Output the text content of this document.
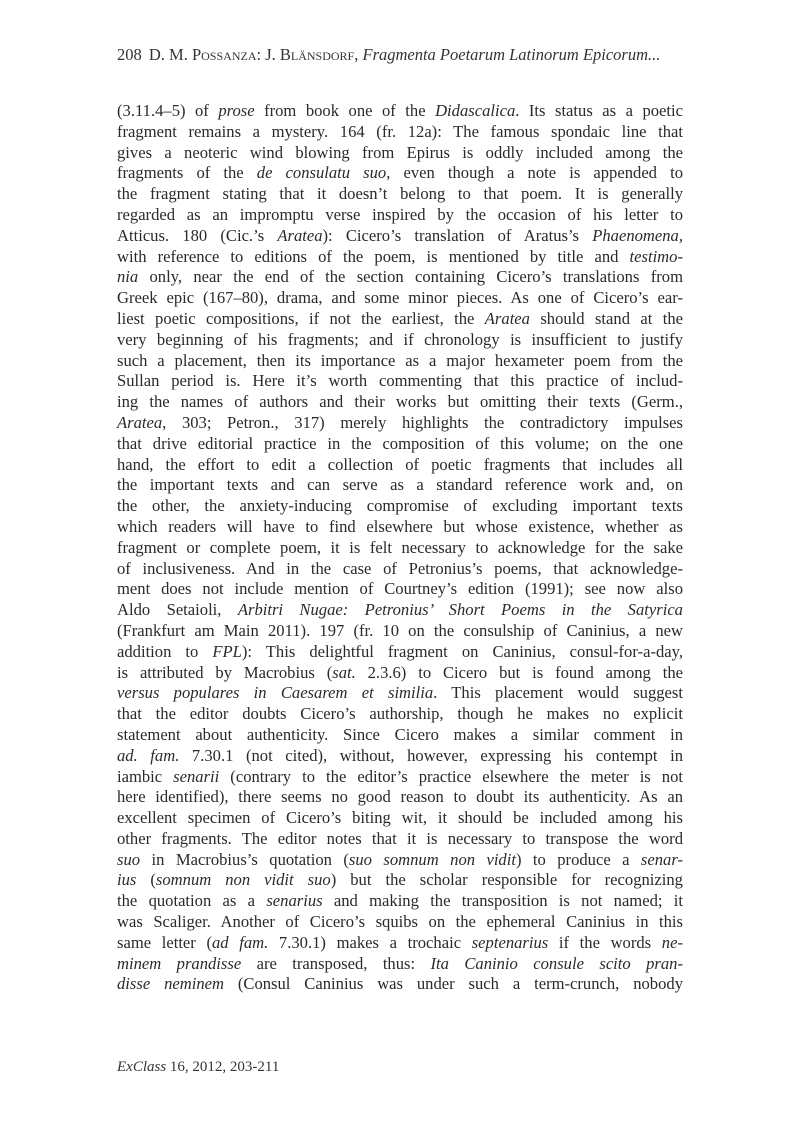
208 D. M. Possanza: J. Blänsdorf, Fragmenta Poetarum Latinorum Epicorum...
(3.11.4–5) of prose from book one of the Didascalica. Its status as a poetic
fragment remains a mystery. 164 (fr. 12a): The famous spondaic line that
gives a neoteric wind blowing from Epirus is oddly included among the
fragments of the de consulatu suo, even though a note is appended to
the fragment stating that it doesn’t belong to that poem. It is generally
regarded as an impromptu verse inspired by the occasion of his letter to
Atticus. 180 (Cic.’s Aratea): Cicero’s translation of Aratus’s Phaenomena,
with reference to editions of the poem, is mentioned by title and testimo-
nia only, near the end of the section containing Cicero’s translations from
Greek epic (167–80), drama, and some minor pieces. As one of Cicero’s ear-
liest poetic compositions, if not the earliest, the Aratea should stand at the
very beginning of his fragments; and if chronology is insufficient to justify
such a placement, then its importance as a major hexameter poem from the
Sullan period is. Here it’s worth commenting that this practice of includ-
ing the names of authors and their works but omitting their texts (Germ.,
Aratea, 303; Petron., 317) merely highlights the contradictory impulses
that drive editorial practice in the composition of this volume; on the one
hand, the effort to edit a collection of poetic fragments that includes all
the important texts and can serve as a standard reference work and, on
the other, the anxiety-inducing compromise of excluding important texts
which readers will have to find elsewhere but whose existence, whether as
fragment or complete poem, it is felt necessary to acknowledge for the sake
of inclusiveness. And in the case of Petronius’s poems, that acknowledge-
ment does not include mention of Courtney’s edition (1991); see now also
Aldo Setaioli, Arbitri Nugae: Petronius’ Short Poems in the Satyrica
(Frankfurt am Main 2011). 197 (fr. 10 on the consulship of Caninius, a new
addition to FPL): This delightful fragment on Caninius, consul-for-a-day,
is attributed by Macrobius (sat. 2.3.6) to Cicero but is found among the
versus populares in Caesarem et similia. This placement would suggest
that the editor doubts Cicero’s authorship, though he makes no explicit
statement about authenticity. Since Cicero makes a similar comment in
ad. fam. 7.30.1 (not cited), without, however, expressing his contempt in
iambic senarii (contrary to the editor’s practice elsewhere the meter is not
here identified), there seems no good reason to doubt its authenticity. As an
excellent specimen of Cicero’s biting wit, it should be included among his
other fragments. The editor notes that it is necessary to transpose the word
suo in Macrobius’s quotation (suo somnum non vidit) to produce a senar-
ius (somnum non vidit suo) but the scholar responsible for recognizing
the quotation as a senarius and making the transposition is not named; it
was Scaliger. Another of Cicero’s squibs on the ephemeral Caninius in this
same letter (ad fam. 7.30.1) makes a trochaic septenarius if the words ne-
minem prandisse are transposed, thus: Ita Caninio consule scito pran-
disse neminem (Consul Caninius was under such a term-crunch, nobody
ExClass 16, 2012, 203-211
